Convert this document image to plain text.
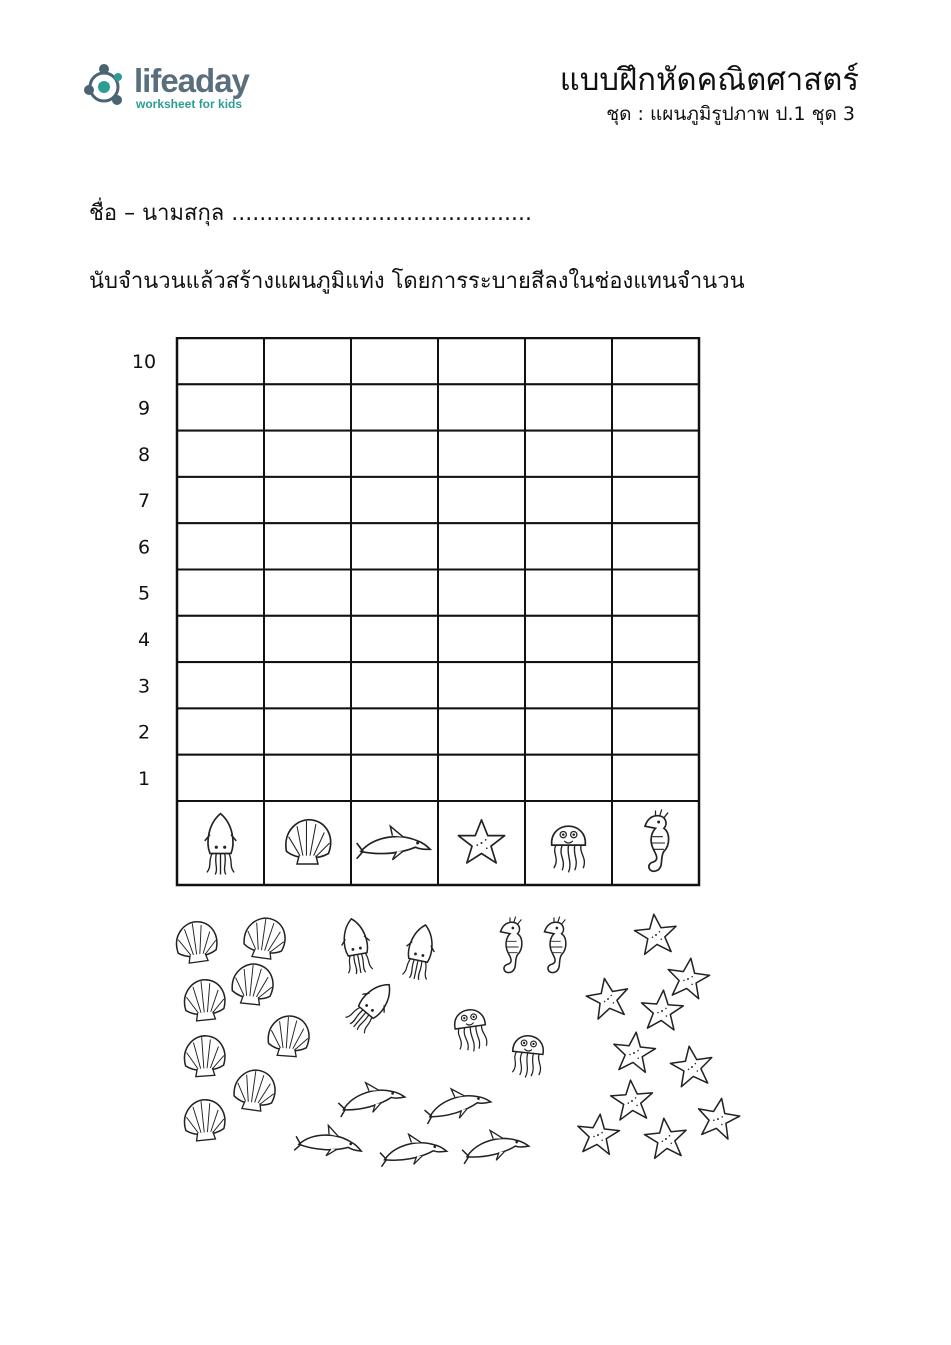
lifeaday
worksheet for kids
แบบฝึกหัดคณิตศาสตร์
ชุด : แผนภูมิรูปภาพ ป.1 ชุด 3
ชื่อ – นามสกุล ...........................................
นับจำนวนแล้วสร้างแผนภูมิแท่ง โดยการระบายสีลงในช่องแทนจำนวน
1
2
3
4
5
6
7
8
9
10
